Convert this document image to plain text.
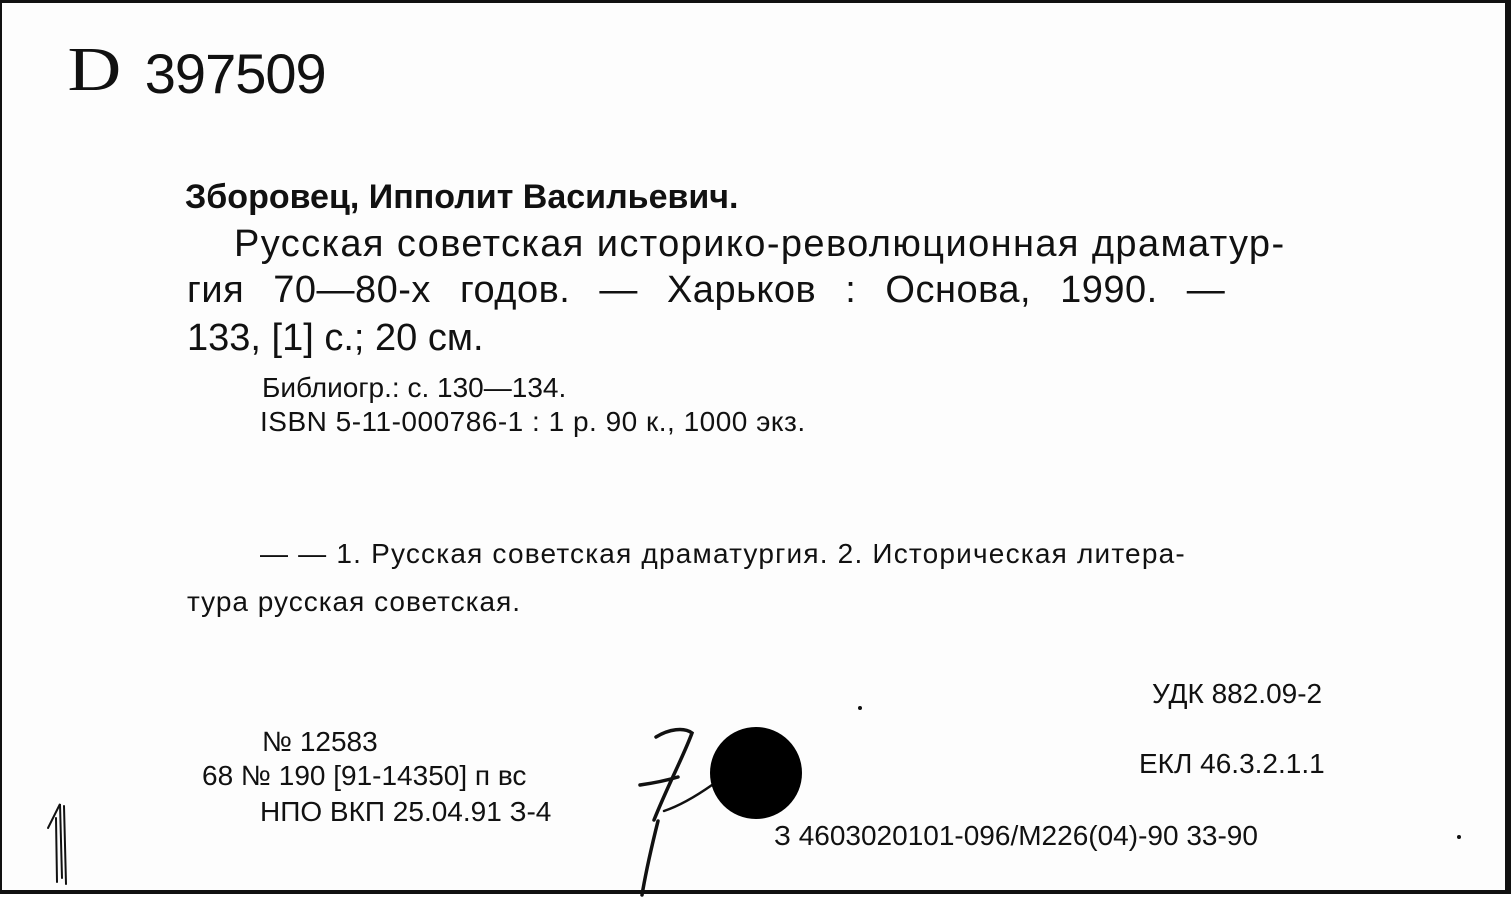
D 397509
Зборовец, Ипполит Васильевич.
Русская советская историко-революционная драматур-
гия 70—80-х годов. — Харьков : Основа, 1990. —
133, [1] с.; 20 см.
Библиогр.: с. 130—134.
ISBN 5-11-000786-1 : 1 р. 90 к., 1000 экз.
— — 1. Русская советская драматургия. 2. Историческая литера-
тура русская советская.
УДК 882.09-2
ЕКЛ 46.3.2.1.1
З 4603020101-096/М226(04)-90 33-90
№ 12583
68 № 190 [91-14350] п вс
НПО ВКП 25.04.91 З-4
